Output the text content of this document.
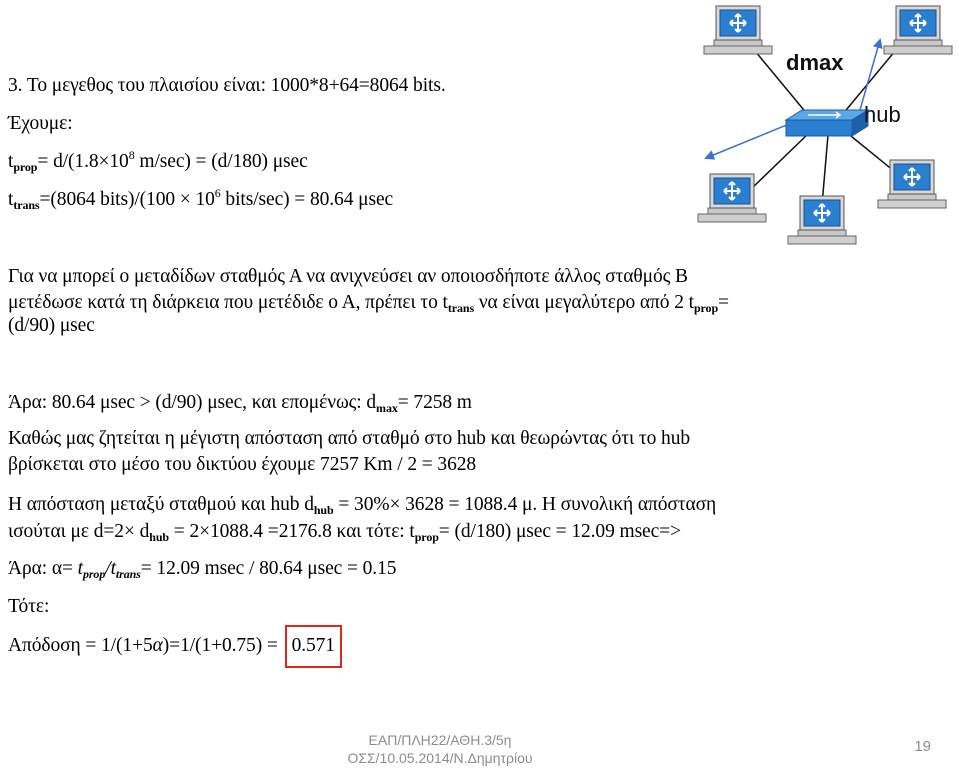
3. Το μεγεθος του πλαισίου είναι: 1000*8+64=8064 bits.
Έχουμε:
$t_{prop}= d/(1.8\times 10^8$ m/sec) = (d/180) μsec
$t_{trans}=(8064$ bits)/(100 × $10^6$ bits/sec) = 80.64 μsec
Για να μπορεί ο μεταδίδων σταθμός Α να ανιχνεύσει αν οποιοσδήποτε άλλος σταθμός Β
μετέδωσε κατά τη διάρκεια που μετέδιδε ο Α, πρέπει το $t_{trans}$ να είναι μεγαλύτερο από 2 $t_{prop}=$
(d/90) μsec
Άρα: 80.64 μsec > (d/90) μsec, και επομένως: $d_{max}= 7258$ m
Καθώς μας ζητείται η μέγιστη απόσταση από σταθμό στο hub και θεωρώντας ότι το hub
βρίσκεται στο μέσο του δικτύου έχουμε 7257 Km / 2 = 3628
Η απόσταση μεταξύ σταθμού και hub $d_{hub} = 30\%\times 3628 = 1088.4$ μ. Η συνολική απόσταση
ισούται με $d=2\times d_{hub} = 2\times 1088.4 =2176.8$ και τότε: $t_{prop}= (d/180) \mu\sec = 12.09$ msec=>
Άρα: $\alpha= t_{prop}/t_{trans}= 12.09$ msec / 80.64 μsec = 0.15
Τότε:
Απόδοση = 1/(1+5α)=1/(1+0.75) = 0.571
dmax
hub
ΕΑΠ/ΠΛΗ22/ΑΘΗ.3/5η
ΟΣΣ/10.05.2014/Ν.Δημητρίου
19
